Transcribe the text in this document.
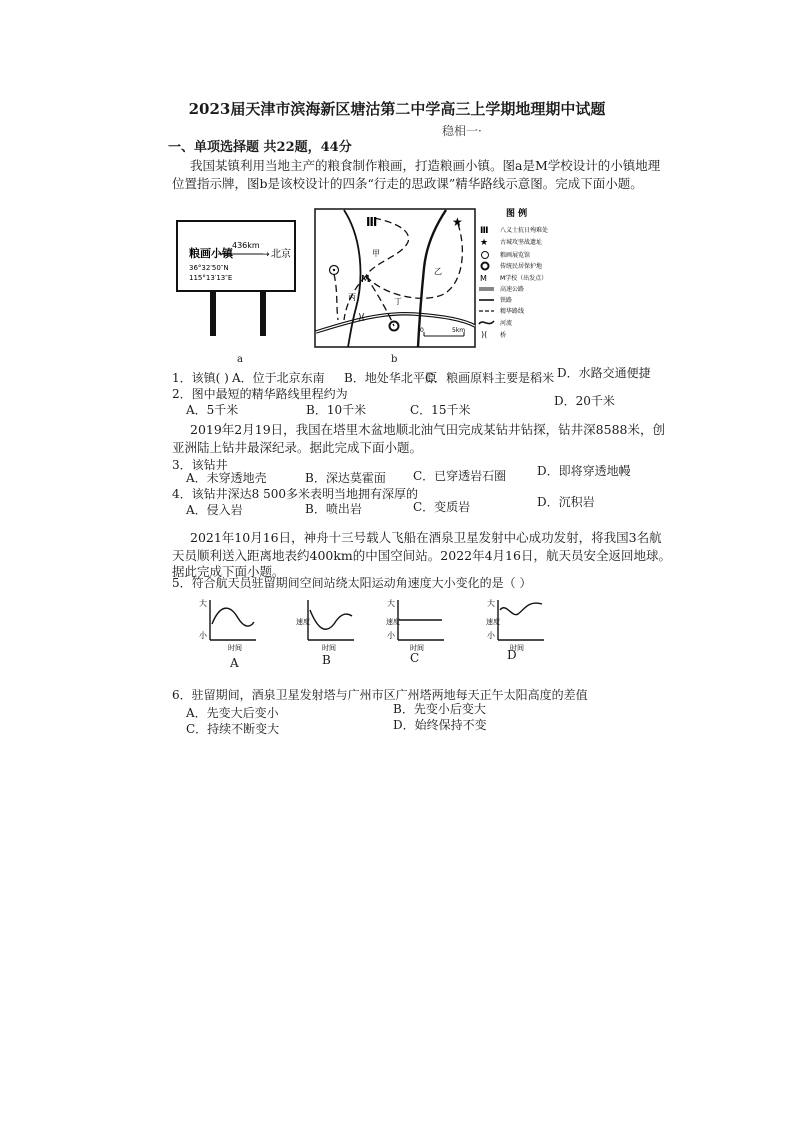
2023届天津市滨海新区塘沽第二中学高三上学期地理期中试题
稳相一·
一、单项选择题 共22题，44分
我国某镇利用当地主产的粮食制作粮画，打造粮画小镇。图a是M学校设计的小镇地理
位置指示牌，图b是该校设计的四条“行走的思政课”精华路线示意图。完成下面小题。
粮画小镇
436km
→ 北京
36°32′50″N
115°13′13″E
a
Ⅲ	★
M
)(
甲
乙
丙	丁
0	5km
b
图 例
Ⅲ
★
M
)(
八义士抗日殉难处
古城攻坚战遗址
粮画展览馆
传统民居保护地
M学校（出发点）
高速公路
铁路
精华路线
河流
桥
1．该镇( ) A．位于北京东南 B．地处华北平原
C．粮画原料主要是稻米 D．水路交通便捷
2．图中最短的精华路线里程约为
A．5千米	B．10千米	C．15千米
D．20千米
2019年2月19日，我国在塔里木盆地顺北油气田完成某钻井钻探，钻井深8588米，创
亚洲陆上钻井最深纪录。据此完成下面小题。
3．该钻井
A．未穿透地壳	B．深达莫霍面 C．已穿透岩石圈	D．即将穿透地幔
4．该钻井深达8 500多米表明当地拥有深厚的
A．侵入岩	B．喷出岩	C．变质岩	D．沉积岩
2021年10月16日，神舟十三号载人飞船在酒泉卫星发射中心成功发射，将我国3名航
天员顺利送入距离地表约400km的中国空间站。2022年4月16日，航天员安全返回地球。
据此完成下面小题。
5．符合航天员驻留期间空间站绕太阳运动角速度大小变化的是（ ）
大
小
时间
速度
时间
大
速度
小
时间
大
速度
小
时间
A	B	C	D
6．驻留期间，酒泉卫星发射塔与广州市区广州塔两地每天正午太阳高度的差值
A．先变大后变小	B．先变小后变大
C．持续不断变大	D．始终保持不变
